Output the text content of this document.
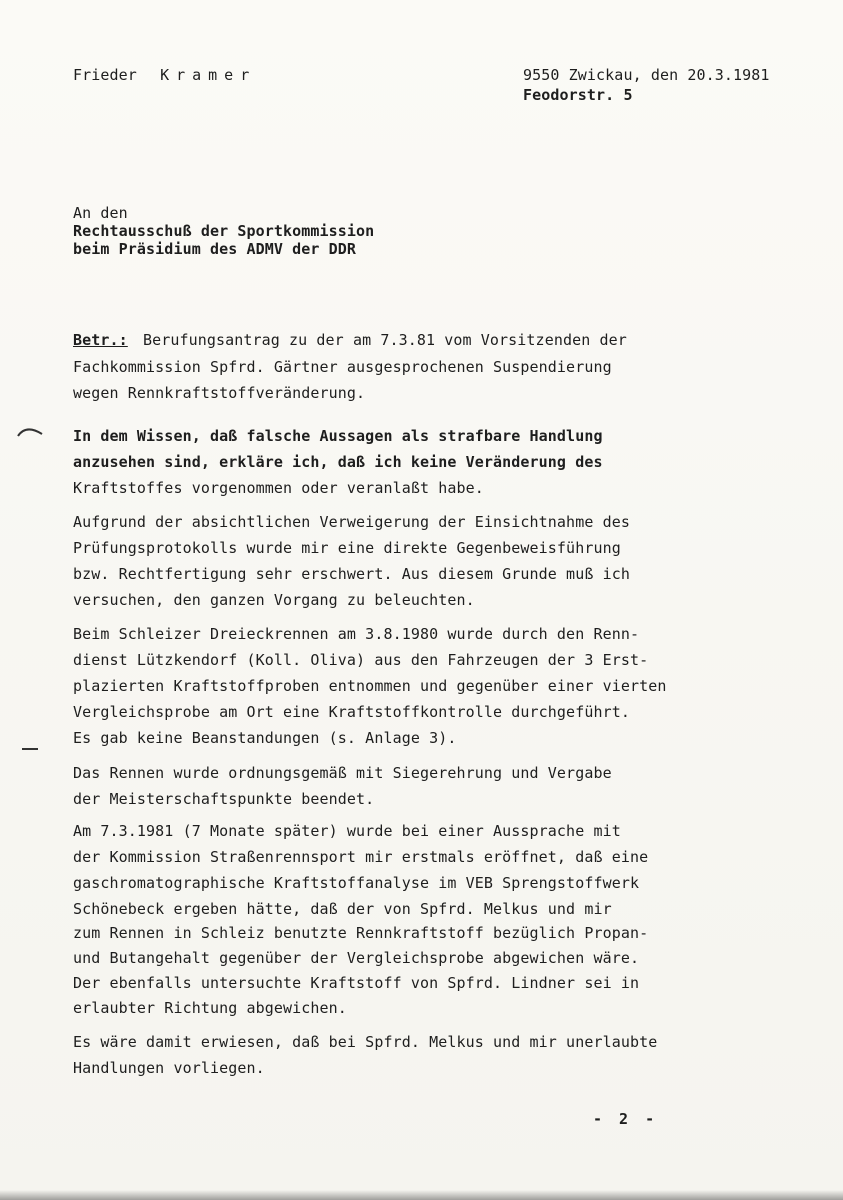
Frieder Kramer	9550 Zwickau, den 20.3.1981
Feodorstr. 5
An den
Rechtausschuß der Sportkommission
beim Präsidium des ADMV der DDR
Betr.: Berufungsantrag zu der am 7.3.81 vom Vorsitzenden der
Fachkommission Spfrd. Gärtner ausgesprochenen Suspendierung
wegen Rennkraftstoffveränderung.
In dem Wissen, daß falsche Aussagen als strafbare Handlung
anzusehen sind, erkläre ich, daß ich keine Veränderung des
Kraftstoffes vorgenommen oder veranlaßt habe.
Aufgrund der absichtlichen Verweigerung der Einsichtnahme des
Prüfungsprotokolls wurde mir eine direkte Gegenbeweisführung
bzw. Rechtfertigung sehr erschwert. Aus diesem Grunde muß ich
versuchen, den ganzen Vorgang zu beleuchten.
Beim Schleizer Dreieckrennen am 3.8.1980 wurde durch den Renn-
dienst Lützkendorf (Koll. Oliva) aus den Fahrzeugen der 3 Erst-
plazierten Kraftstoffproben entnommen und gegenüber einer vierten
Vergleichsprobe am Ort eine Kraftstoffkontrolle durchgeführt.
Es gab keine Beanstandungen (s. Anlage 3).
Das Rennen wurde ordnungsgemäß mit Siegerehrung und Vergabe
der Meisterschaftspunkte beendet.
Am 7.3.1981 (7 Monate später) wurde bei einer Aussprache mit
der Kommission Straßenrennsport mir erstmals eröffnet, daß eine
gaschromatographische Kraftstoffanalyse im VEB Sprengstoffwerk
Schönebeck ergeben hätte, daß der von Spfrd. Melkus und mir
zum Rennen in Schleiz benutzte Rennkraftstoff bezüglich Propan-
und Butangehalt gegenüber der Vergleichsprobe abgewichen wäre.
Der ebenfalls untersuchte Kraftstoff von Spfrd. Lindner sei in
erlaubter Richtung abgewichen.
Es wäre damit erwiesen, daß bei Spfrd. Melkus und mir unerlaubte
Handlungen vorliegen.
- 2 -
